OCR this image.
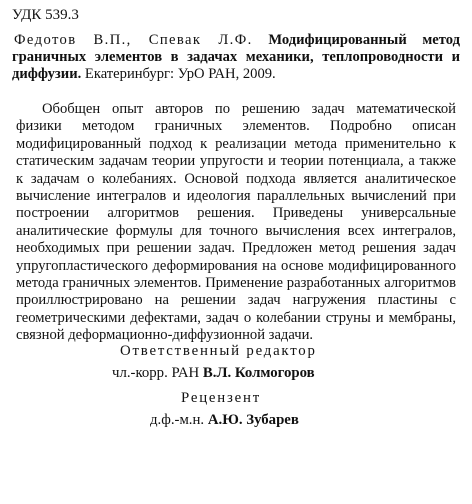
УДК 539.3
Федотов В.П., Спевак Л.Ф. Модифицированный метод граничных элементов в задачах механики, теплопроводности и диффузии. Екатеринбург: УрО РАН, 2009.
Обобщен опыт авторов по решению задач математической физики методом граничных элементов. Подробно описан модифицированный подход к реализации метода применительно к статическим задачам теории упругости и теории потенциала, а также к задачам о колебаниях. Основой подхода является аналитическое вычисление интегралов и идеология параллельных вычислений при построении алгоритмов решения. Приведены универсальные аналитические формулы для точного вычисления всех интегралов, необходимых при решении задач. Предложен метод решения задач упругопластического деформирования на основе модифицированного метода граничных элементов. Применение разработанных алгоритмов проиллюстрировано на решении задач нагружения пластины с геометрическими дефектами, задач о колебании струны и мембраны, связной деформационно-диффузионной задачи.
Ответственный редактор
чл.-корр. РАН В.Л. Колмогоров
Рецензент
д.ф.-м.н. А.Ю. Зубарев
